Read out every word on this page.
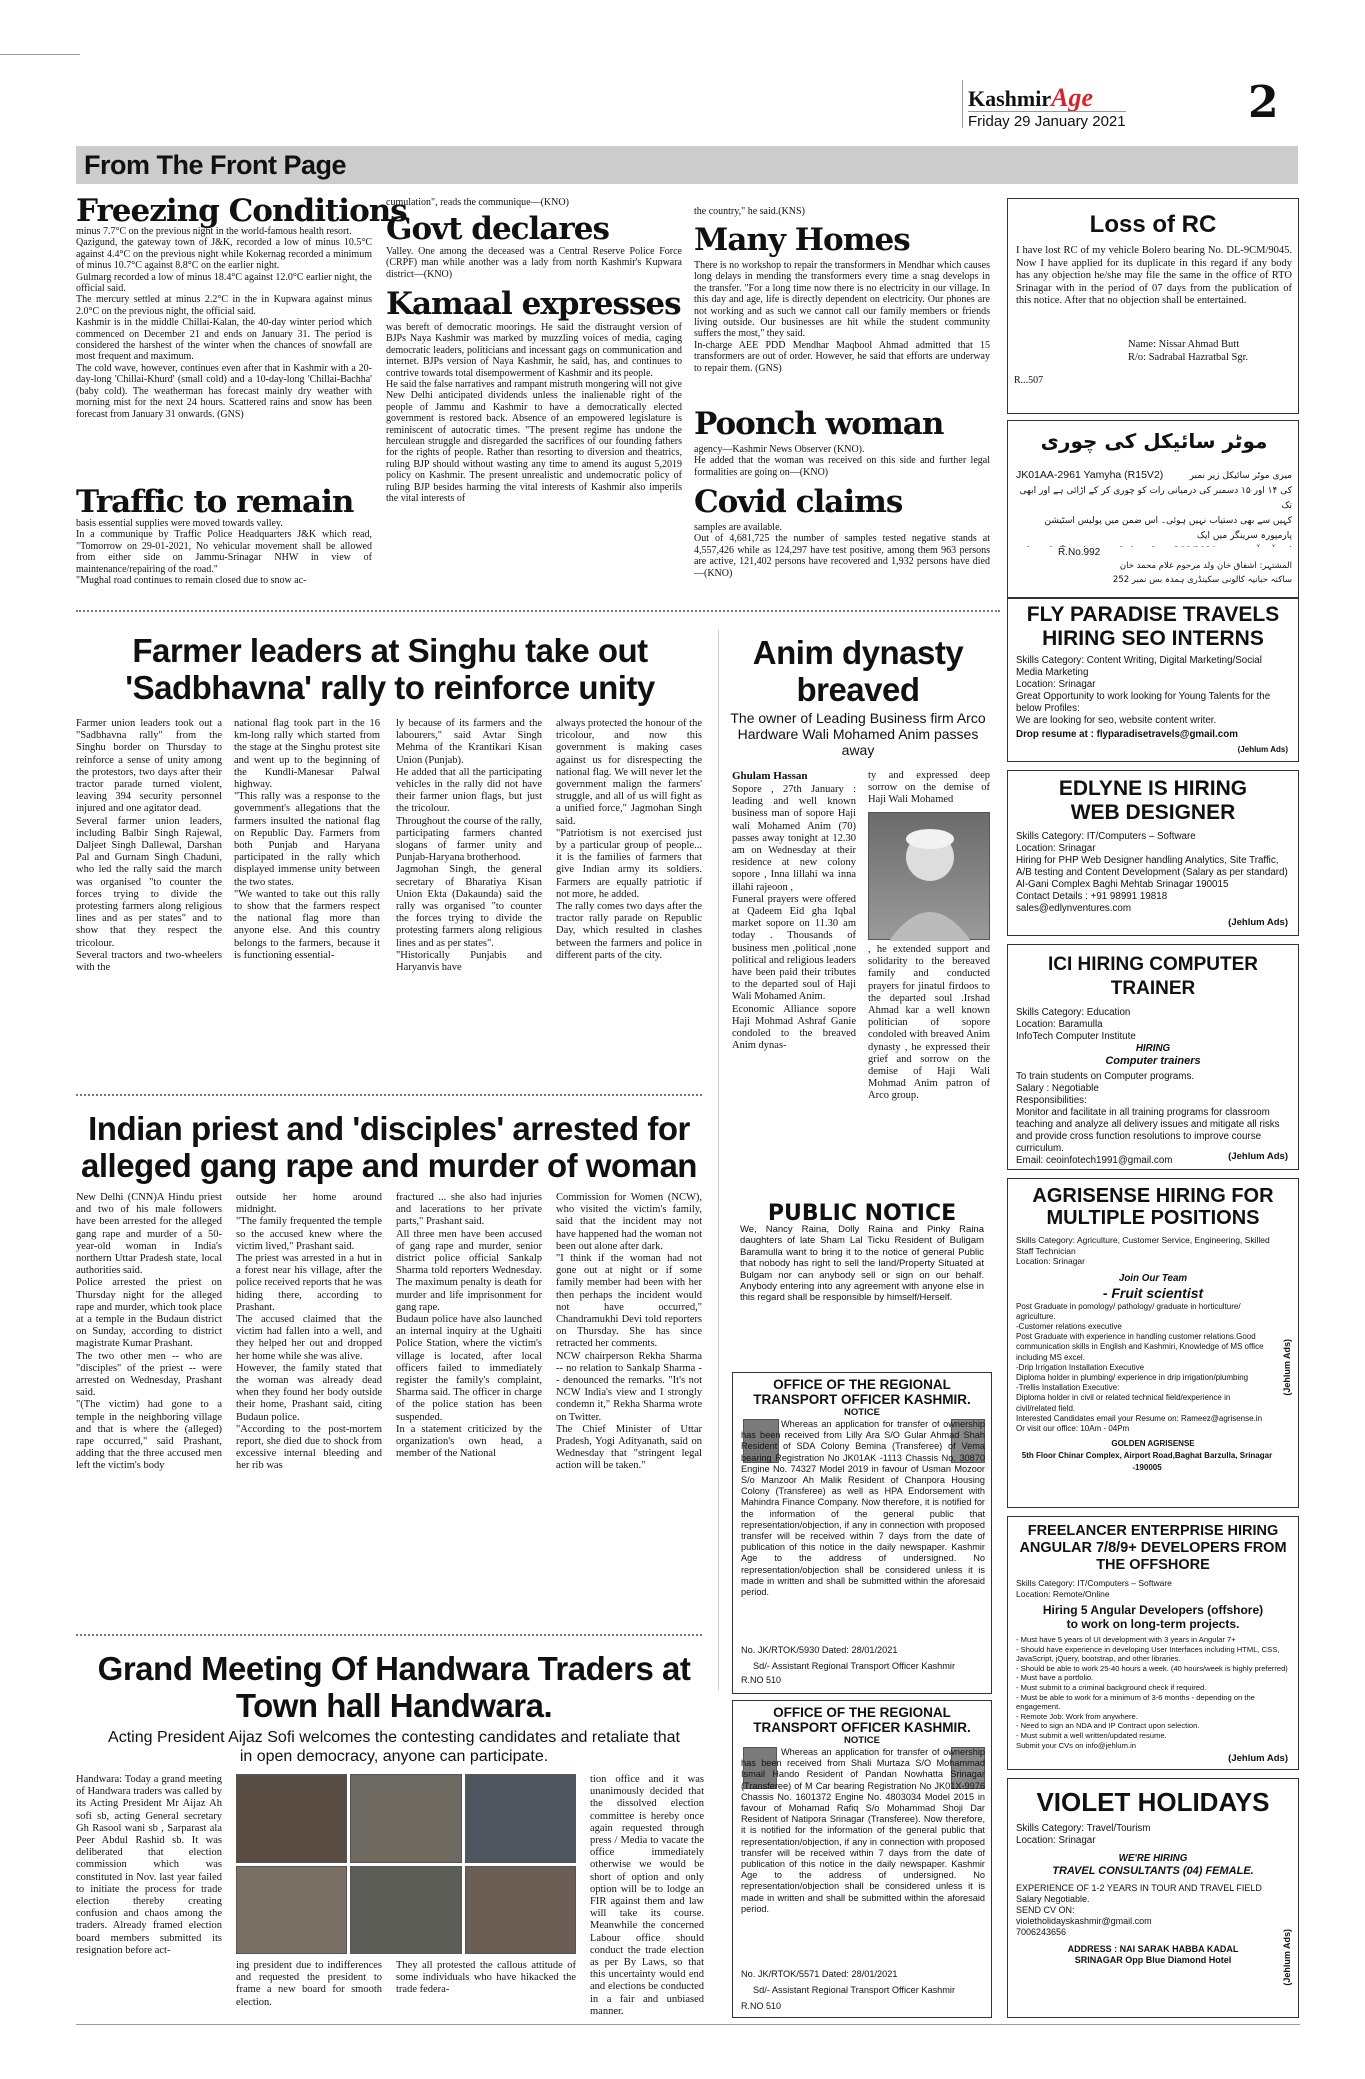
KashmirAge
Friday 29 January 2021	2
From The Front Page
Freezing Conditions
minus 7.7°C on the previous night in the world-famous health resort.
Qazigund, the gateway town of J&K, recorded a low of minus 10.5°C against 4.4°C on the previous night while Kokernag recorded a minimum of minus 10.7°C against 8.8°C on the earlier night.
Gulmarg recorded a low of minus 18.4°C against 12.0°C earlier night, the official said.
The mercury settled at minus 2.2°C in the in Kupwara against minus 2.0°C on the previous night, the official said.
Kashmir is in the middle Chillai-Kalan, the 40-day winter period which commenced on December 21 and ends on January 31. The period is considered the harshest of the winter when the chances of snowfall are most frequent and maximum.
The cold wave, however, continues even after that in Kashmir with a 20-day-long 'Chillai-Khurd' (small cold) and a 10-day-long 'Chillai-Bachha' (baby cold). The weatherman has forecast mainly dry weather with morning mist for the next 24 hours. Scattered rains and snow has been forecast from January 31 onwards. (GNS)
Traffic to remain
basis essential supplies were moved towards valley.
In a communique by Traffic Police Headquarters J&K which read, "Tomorrow on 29-01-2021, No vehicular movement shall be allowed from either side on Jammu-Srinagar NHW in view of maintenance/repairing of the road."
"Mughal road continues to remain closed due to snow ac-
cumulation", reads the communique—(KNO)
Govt declares
Valley. One among the deceased was a Central Reserve Police Force (CRPF) man while another was a lady from north Kashmir's Kupwara district—(KNO)
Kamaal expresses
was bereft of democratic moorings. He said the distraught version of BJPs Naya Kashmir was marked by muzzling voices of media, caging democratic leaders, politicians and incessant gags on communication and internet. BJPs version of Naya Kashmir, he said, has, and continues to contrive towards total disempowerment of Kashmir and its people.
He said the false narratives and rampant mistruth mongering will not give New Delhi anticipated dividends unless the inalienable right of the people of Jammu and Kashmir to have a democratically elected government is restored back. Absence of an empowered legislature is reminiscent of autocratic times. "The present regime has undone the herculean struggle and disregarded the sacrifices of our founding fathers for the rights of people. Rather than resorting to diversion and theatrics, ruling BJP should without wasting any time to amend its august 5,2019 policy on Kashmir. The present unrealistic and undemocratic policy of ruling BJP besides harming the vital interests of Kashmir also imperils the vital interests of
the country," he said.(KNS)
Many Homes
There is no workshop to repair the transformers in Mendhar which causes long delays in mending the transformers every time a snag develops in the transfer. "For a long time now there is no electricity in our village. In this day and age, life is directly dependent on electricity. Our phones are not working and as such we cannot call our family members or friends living outside. Our businesses are hit while the student community suffers the most," they said.
In-charge AEE PDD Mendhar Maqbool Ahmad admitted that 15 transformers are out of order. However, he said that efforts are underway to repair them. (GNS)
Poonch woman
agency—Kashmir News Observer (KNO).
He added that the woman was received on this side and further legal formalities are going on—(KNO)
Covid claims
samples are available.
Out of 4,681,725 the number of samples tested negative stands at 4,557,426 while as 124,297 have test positive, among them 963 persons are active, 121,402 persons have recovered and 1,932 persons have died—(KNO)
Loss of RC
I have lost RC of my vehicle Bolero bearing No. DL-9CM/9045. Now I have applied for its duplicate in this regard if any body has any objection he/she may file the same in the office of RTO Srinagar with in the period of 07 days from the publication of this notice. After that no objection shall be entertained.
Name: Nissar Ahmad Butt
R/o: Sadrabal Hazratbal Sgr.
R...507
موٹر سائیکل کی چوری
JK01AA-2961 Yamyha (R15V2)	میری موٹر سائیکل زیر نمبر
کی ۱۴ اور ۱۵ دسمبر کی درمیانی رات کو چوری کر کے اڑائی ہے اور ابھی تک
کہیں سے بھی دستیاب نہیں ہوئی۔ اس ضمن میں پولیس اسٹیشن پارمپورہ سرینگر میں ایک

R.No.992
المشتہر: اشفاق خان ولد مرحوم غلام محمد خان
ساکنہ حبانیہ کالونی سکینڈری ہمدہ بس نمبر 252
Farmer leaders at Singhu take out 'Sadbhavna' rally to reinforce unity
Farmer union leaders took out a "Sadbhavna rally" from the Singhu border on Thursday to reinforce a sense of unity among the protestors, two days after their tractor parade turned violent, leaving 394 security personnel injured and one agitator dead.
Several farmer union leaders, including Balbir Singh Rajewal, Daljeet Singh Dallewal, Darshan Pal and Gurnam Singh Chaduni, who led the rally said the march was organised "to counter the forces trying to divide the protesting farmers along religious lines and as per states" and to show that they respect the tricolour.
Several tractors and two-wheelers with the
national flag took part in the 16 km-long rally which started from the stage at the Singhu protest site and went up to the beginning of the Kundli-Manesar Palwal highway.
"This rally was a response to the government's allegations that the farmers insulted the national flag on Republic Day. Farmers from both Punjab and Haryana participated in the rally which displayed immense unity between the two states.
"We wanted to take out this rally to show that the farmers respect the national flag more than anyone else. And this country belongs to the farmers, because it is functioning essential-
ly because of its farmers and the labourers," said Avtar Singh Mehma of the Krantikari Kisan Union (Punjab).
He added that all the participating vehicles in the rally did not have their farmer union flags, but just the tricolour.
Throughout the course of the rally, participating farmers chanted slogans of farmer unity and Punjab-Haryana brotherhood.
Jagmohan Singh, the general secretary of Bharatiya Kisan Union Ekta (Dakaunda) said the rally was organised "to counter the forces trying to divide the protesting farmers along religious lines and as per states".
"Historically Punjabis and Haryanvis have
always protected the honour of the tricolour, and now this government is making cases against us for disrespecting the national flag. We will never let the government malign the farmers' struggle, and all of us will fight as a unified force," Jagmohan Singh said.
"Patriotism is not exercised just by a particular group of people... it is the families of farmers that give Indian army its soldiers. Farmers are equally patriotic if not more, he added.
The rally comes two days after the tractor rally parade on Republic Day, which resulted in clashes between the farmers and police in different parts of the city.
Anim dynasty breaved
The owner of Leading Business firm Arco Hardware Wali Mohamed Anim passes away
Ghulam Hassan
Sopore , 27th January : leading and well known business man of sopore Haji wali Mohamed Anim (70) passes away tonight at 12.30 am on Wednesday at their residence at new colony sopore , Inna lillahi wa inna illahi rajeoon ,
Funeral prayers were offered at Qadeem Eid gha Iqbal market sopore on 11.30 am today . Thousands of business men ,political ,none political and religious leaders have been paid their tributes to the departed soul of Haji Wali Mohamed Anim.
Economic Alliance sopore Haji Mohmad Ashraf Ganie condoled to the breaved Anim dynas-
ty and expressed deep sorrow on the demise of Haji Wali Mohamed
, he extended support and solidarity to the bereaved family and conducted prayers for jinatul firdoos to the departed soul .Irshad Ahmad kar a well known politician of sopore condoled with breaved Anim dynasty , he expressed their grief and sorrow on the demise of Haji Wali Mohmad Anim patron of Arco group.
Indian priest and 'disciples' arrested for alleged gang rape and murder of woman
New Delhi (CNN)A Hindu priest and two of his male followers have been arrested for the alleged gang rape and murder of a 50-year-old woman in India's northern Uttar Pradesh state, local authorities said.
Police arrested the priest on Thursday night for the alleged rape and murder, which took place at a temple in the Budaun district on Sunday, according to district magistrate Kumar Prashant.
The two other men -- who are "disciples" of the priest -- were arrested on Wednesday, Prashant said.
"(The victim) had gone to a temple in the neighboring village and that is where the (alleged) rape occurred," said Prashant, adding that the three accused men left the victim's body
outside her home around midnight.
"The family frequented the temple so the accused knew where the victim lived," Prashant said.
The priest was arrested in a hut in a forest near his village, after the police received reports that he was hiding there, according to Prashant.
The accused claimed that the victim had fallen into a well, and they helped her out and dropped her home while she was alive.
However, the family stated that the woman was already dead when they found her body outside their home, Prashant said, citing Budaun police.
"According to the post-mortem report, she died due to shock from excessive internal bleeding and her rib was
fractured ... she also had injuries and lacerations to her private parts," Prashant said.
All three men have been accused of gang rape and murder, senior district police official Sankalp Sharma told reporters Wednesday. The maximum penalty is death for murder and life imprisonment for gang rape.
Budaun police have also launched an internal inquiry at the Ughaiti Police Station, where the victim's village is located, after local officers failed to immediately register the family's complaint, Sharma said. The officer in charge of the police station has been suspended.
In a statement criticized by the organization's own head, a member of the National
Commission for Women (NCW), who visited the victim's family, said that the incident may not have happened had the woman not been out alone after dark.
"I think if the woman had not gone out at night or if some family member had been with her then perhaps the incident would not have occurred," Chandramukhi Devi told reporters on Thursday. She has since retracted her comments.
NCW chairperson Rekha Sharma -- no relation to Sankalp Sharma -- denounced the remarks. "It's not NCW India's view and I strongly condemn it," Rekha Sharma wrote on Twitter.
The Chief Minister of Uttar Pradesh, Yogi Adityanath, said on Wednesday that "stringent legal action will be taken."
Grand Meeting Of Handwara Traders at Town hall Handwara.
Acting President Aijaz Sofi welcomes the contesting candidates and retaliate that in open democracy, anyone can participate.
Handwara: Today a grand meeting of Handwara traders was called by its Acting President Mr Aijaz Ah sofi sb, acting General secretary Gh Rasool wani sb , Sarparast ala Peer Abdul Rashid sb. It was deliberated that election commission which was constituted in Nov. last year failed to initiate the process for trade election thereby creating confusion and chaos among the traders. Already framed election board members submitted its resignation before act-
ing president due to indifferences and requested the president to frame a new board for smooth election.
They all protested the callous attitude of some individuals who have hikacked the trade federa-
tion office and it was unanimously decided that the dissolved election committee is hereby once again requested through press / Media to vacate the office immediately otherwise we would be short of option and only option will be to lodge an FIR against them and law will take its course. Meanwhile the concerned Labour office should conduct the trade election as per By Laws, so that this uncertainty would end and elections be conducted in a fair and unbiased manner.
PUBLIC NOTICE
We, Nancy Raina, Dolly Raina and Pinky Raina daughters of late Sham Lal Ticku Resident of Buligam Baramulla want to bring it to the notice of general Public that nobody has right to sell the land/Property Situated at Bulgam nor can anybody sell or sign on our behalf. Anybody entering into any agreement with anyone else in this regard shall be responsible by himself/Herself.
OFFICE OF THE REGIONAL TRANSPORT OFFICER KASHMIR.
NOTICE
Whereas an application for transfer of ownership has been received from Lilly Ara S/O Gular Ahmad Shah Resident of SDA Colony Bemina (Transferee) of Vema bearing Registration No JK01AK -1113 Chassis No. 30870 Engine No. 74327 Model 2019 in favour of Usman Mozoor S/o Manzoor Ah Malik Resident of Chanpora Housing Colony (Transferee) as well as HPA Endorsement with Mahindra Finance Company. Now therefore, it is notified for the information of the general public that representation/objection, if any in connection with proposed transfer will be received within 7 days from the date of publication of this notice in the daily newspaper. Kashmir Age to the address of undersigned. No representation/objection shall be considered unless it is made in written and shall be submitted within the aforesaid period.
No. JK/RTOK/5930 Dated: 28/01/2021
Sd/- Assistant Regional Transport Officer Kashmir
R.NO 510
OFFICE OF THE REGIONAL TRANSPORT OFFICER KASHMIR.
NOTICE
Whereas an application for transfer of ownership has been received from Shali Murtaza S/O Mohammad Ismail Hando Resident of Pandan Nowhatta Srinagar (Transferee) of M Car bearing Registration No JK01X-9976 Chassis No. 1601372 Engine No. 4803034 Model 2015 in favour of Mohamad Rafiq S/o Mohammad Shoji Dar Resident of Natipora Srinagar (Transferee). Now therefore, it is notified for the information of the general public that representation/objection, if any in connection with proposed transfer will be received within 7 days from the date of publication of this notice in the daily newspaper. Kashmir Age to the address of undersigned. No representation/objection shall be considered unless it is made in written and shall be submitted within the aforesaid period.
No. JK/RTOK/5571 Dated: 28/01/2021
Sd/- Assistant Regional Transport Officer Kashmir
R.NO 510
FLY PARADISE TRAVELS HIRING SEO INTERNS
Skills Category: Content Writing, Digital Marketing/Social Media Marketing
Location: Srinagar
Great Opportunity to work looking for Young Talents for the below Profiles:
We are looking for seo, website content writer.
Drop resume at : flyparadisetravels@gmail.com
(Jehlum Ads)
EDLYNE IS HIRING WEB DESIGNER
Skills Category: IT/Computers – Software
Location: Srinagar
Hiring for PHP Web Designer handling Analytics, Site Traffic, A/B testing and Content Development (Salary as per standard)
Al-Gani Complex Baghi Mehtab Srinagar 190015
Contact Details : +91 98991 19818
sales@edlynventures.com
(Jehlum Ads)
ICI HIRING COMPUTER TRAINER
Skills Category: Education
Location: Baramulla
InfoTech Computer Institute
HIRING
Computer trainers
To train students on Computer programs.
Salary : Negotiable
Responsibilities:
Monitor and facilitate in all training programs for classroom teaching and analyze all delivery issues and mitigate all risks and provide cross function resolutions to improve course curriculum.
Email: ceoinfotech1991@gmail.com	(Jehlum Ads)
AGRISENSE HIRING FOR MULTIPLE POSITIONS
Skills Category: Agriculture, Customer Service, Engineering, Skilled Staff Technician
Location: Srinagar
Join Our Team
- Fruit scientist
Post Graduate in pomology/ pathology/ graduate in horticulture/ agriculture.
-Customer relations executive
Post Graduate with experience in handling customer relations.Good communication skills in English and Kashmiri, Knowledge of MS office including MS excel.
-Drip Irrigation Installation Executive
Diploma holder in plumbing/ experience in drip irrigation/plumbing
-Trellis Installation Executive:
Diploma holder in civil or related technical field/experience in civil/related field.
Interested Candidates email your Resume on: Rameez@agrisense.in
Or visit our office: 10Am - 04Pm
GOLDEN AGRISENSE
5th Floor Chinar Complex, Airport Road,Baghat Barzulla, Srinagar -190005
(Jehlum Ads)
FREELANCER ENTERPRISE HIRING ANGULAR 7/8/9+ DEVELOPERS FROM THE OFFSHORE
Skills Category: IT/Computers – Software
Location: Remote/Online
Hiring 5 Angular Developers (offshore) to work on long-term projects.
- Must have 5 years of UI development with 3 years in Angular 7+
- Should have experience in developing User Interfaces including HTML, CSS, JavaScript, jQuery, bootstrap, and other libraries.
- Should be able to work 25-40 hours a week. (40 hours/week is highly preferred)
- Must have a portfolio.
- Must submit to a criminal background check if required.
- Must be able to work for a minimum of 3-6 months - depending on the engagement.
- Remote Job: Work from anywhere.
- Need to sign an NDA and IP Contract upon selection.
- Must submit a well written/updated resume.
Submit your CVs on info@jehlum.in
(Jehlum Ads)
VIOLET HOLIDAYS
Skills Category: Travel/Tourism
Location: Srinagar
WE'RE HIRING
TRAVEL CONSULTANTS (04) FEMALE.
EXPERIENCE OF 1-2 YEARS IN TOUR AND TRAVEL FIELD
Salary Negotiable.
SEND CV ON:
violetholidayskashmir@gmail.com
7006243656
ADDRESS : NAI SARAK HABBA KADAL
SRINAGAR Opp Blue Diamond Hotel	(Jehlum Ads)
